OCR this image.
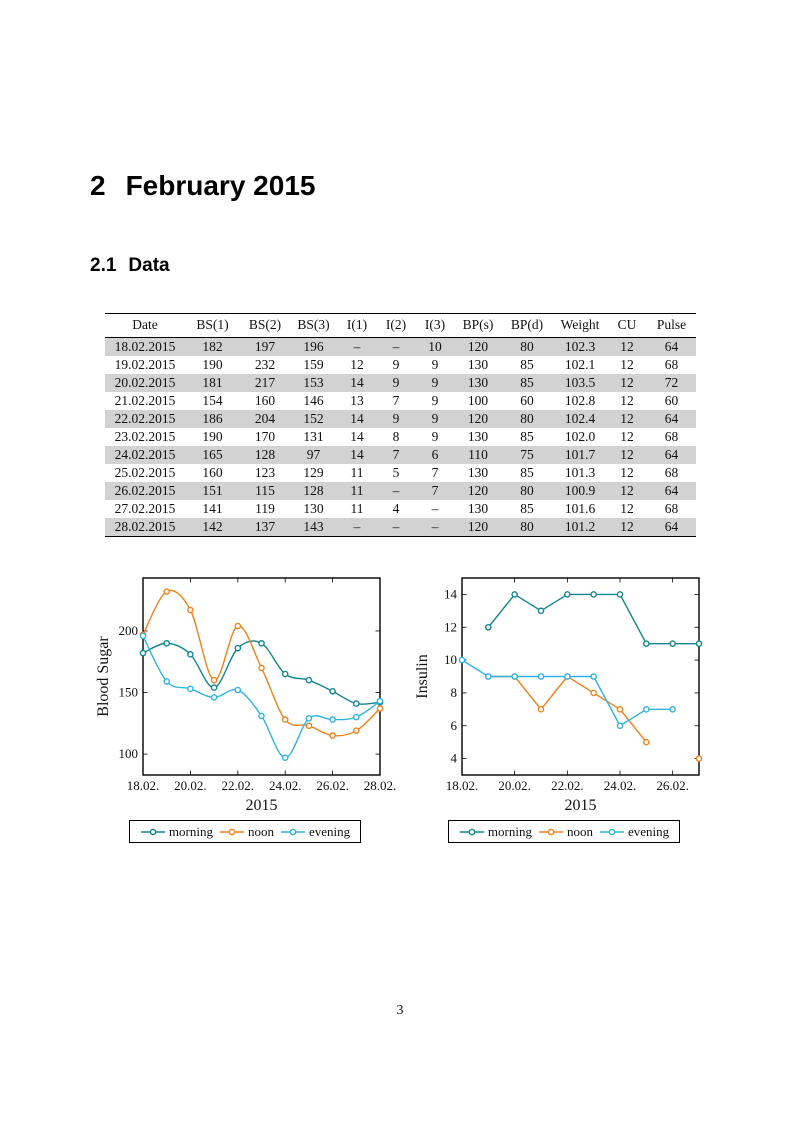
2 February 2015
2.1 Data
Date	BS(1)	BS(2)	BS(3)	I(1)	I(2)	I(3)	BP(s)	BP(d)	Weight	CU	Pulse
18.02.2015	182	197	196	–	–	10	120	80	102.3	12	64
19.02.2015	190	232	159	12	9	9	130	85	102.1	12	68
20.02.2015	181	217	153	14	9	9	130	85	103.5	12	72
21.02.2015	154	160	146	13	7	9	100	60	102.8	12	60
22.02.2015	186	204	152	14	9	9	120	80	102.4	12	64
23.02.2015	190	170	131	14	8	9	130	85	102.0	12	68
24.02.2015	165	128	97	14	7	6	110	75	101.7	12	64
25.02.2015	160	123	129	11	5	7	130	85	101.3	12	68
26.02.2015	151	115	128	11	–	7	120	80	100.9	12	64
27.02.2015	141	119	130	11	4	–	130	85	101.6	12	68
28.02.2015	142	137	143	–	–	–	120	80	101.2	12	64
18.02. 20.02. 22.02. 24.02. 26.02. 28.02.
100
150
200
2015
Blood Sugar
morning	noon	evening
18.02. 20.02. 22.02. 24.02. 26.02.
4
6
8
10
12
14
2015
Insulin
morning	noon	evening
3
